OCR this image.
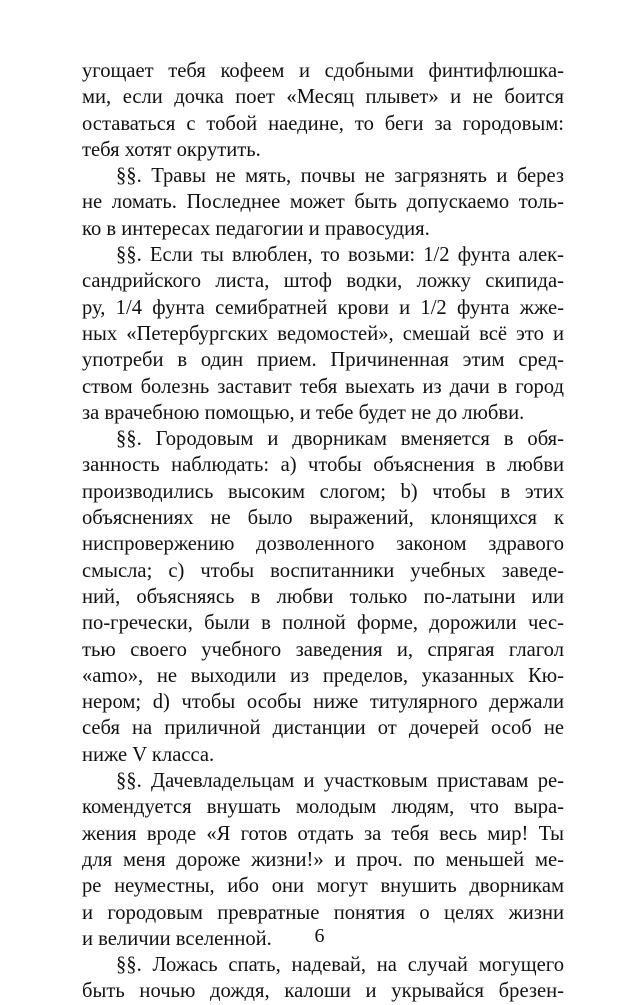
угощает тебя кофеем и сдобными финтифлюшка-
ми, если дочка поет «Месяц плывет» и не боится
оставаться с тобой наедине, то беги за городовым:
тебя хотят окрутить.
§§. Травы не мять, почвы не загрязнять и берез
не ломать. Последнее может быть допускаемо толь-
ко в интересах педагогии и правосудия.
§§. Если ты влюблен, то возьми: 1/2 фунта алек-
сандрийского листа, штоф водки, ложку скипида-
ру, 1/4 фунта семибратней крови и 1/2 фунта жже-
ных «Петербургских ведомостей», смешай всё это и
употреби в один прием. Причиненная этим сред-
ством болезнь заставит тебя выехать из дачи в город
за врачебною помощью, и тебе будет не до любви.
§§. Городовым и дворникам вменяется в обя-
занность наблюдать: a) чтобы объяснения в любви
производились высоким слогом; b) чтобы в этих
объяснениях не было выражений, клонящихся к
ниспровержению дозволенного законом здравого
смысла; c) чтобы воспитанники учебных заведе-
ний, объясняясь в любви только по-латыни или
по-гречески, были в полной форме, дорожили чес-
тью своего учебного заведения и, спрягая глагол
«amo», не выходили из пределов, указанных Кю-
нером; d) чтобы особы ниже титулярного держали
себя на приличной дистанции от дочерей особ не
ниже V класса.
§§. Дачевладельцам и участковым приставам ре-
комендуется внушать молодым людям, что выра-
жения вроде «Я готов отдать за тебя весь мир! Ты
для меня дороже жизни!» и проч. по меньшей ме-
ре неуместны, ибо они могут внушить дворникам
и городовым превратные понятия о целях жизни
и величии вселенной.
§§. Ложась спать, надевай, на случай могущего
быть ночью дождя, калоши и укрывайся брезен-
6
